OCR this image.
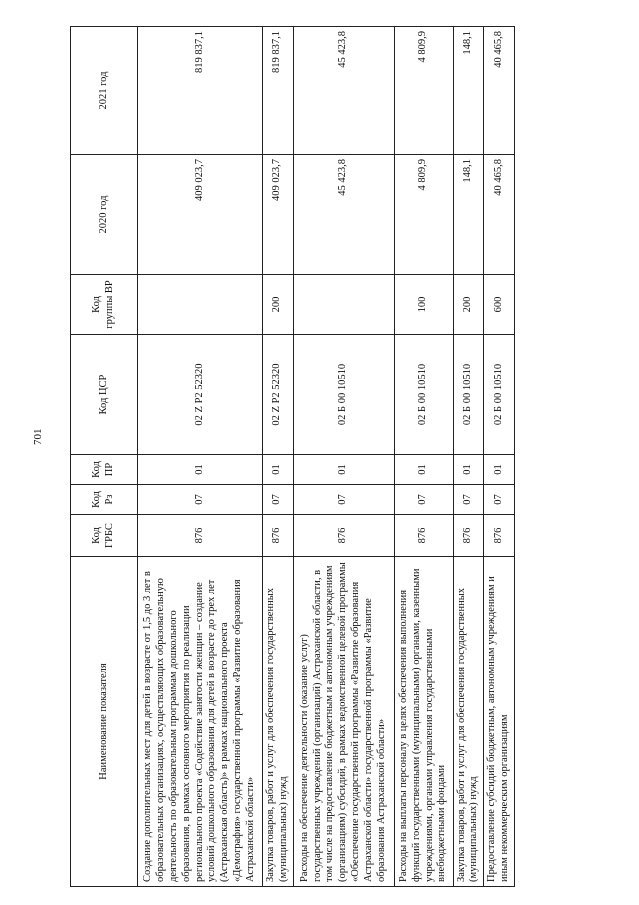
701
Наименование показателя	Код ГРБС	Код Рз	Код ПР	Код ЦСР	Код группы ВР	2020 год	2021 год
Создание дополнительных мест для детей в возрасте от 1,5 до 3 лет в образовательных организациях, осуществляющих образовательную деятельность по образовательным программам дошкольного образования, в рамках основного мероприятия по реализации регионального проекта «Содействие занятости женщин – создание условий дошкольного образования для детей в возрасте до трех лет (Астраханская область)» в рамках национального проекта «Демография» государственной программы «Развитие образования Астраханской области»	876	07	01	02 Z P2 52320		409 023,7	819 837,1
Закупка товаров, работ и услуг для обеспечения государственных (муниципальных) нужд	876	07	01	02 Z P2 52320	200	409 023,7	819 837,1
Расходы на обеспечение деятельности (оказание услуг) государственных учреждений (организаций) Астраханской области, в том числе на предоставление бюджетным и автономным учреждениям (организациям) субсидий, в рамках ведомственной целевой программы «Обеспечение государственной программы «Развитие образования Астраханской области» государственной программы «Развитие образования Астраханской области»	876	07	01	02 Б 00 10510		45 423,8	45 423,8
Расходы на выплаты персоналу в целях обеспечения выполнения функций государственными (муниципальными) органами, казенными учреждениями, органами управления государственными внебюджетными фондами	876	07	01	02 Б 00 10510	100	4 809,9	4 809,9
Закупка товаров, работ и услуг для обеспечения государственных (муниципальных) нужд	876	07	01	02 Б 00 10510	200	148,1	148,1
Предоставление субсидий бюджетным, автономным учреждениям и иным некоммерческим организациям	876	07	01	02 Б 00 10510	600	40 465,8	40 465,8
